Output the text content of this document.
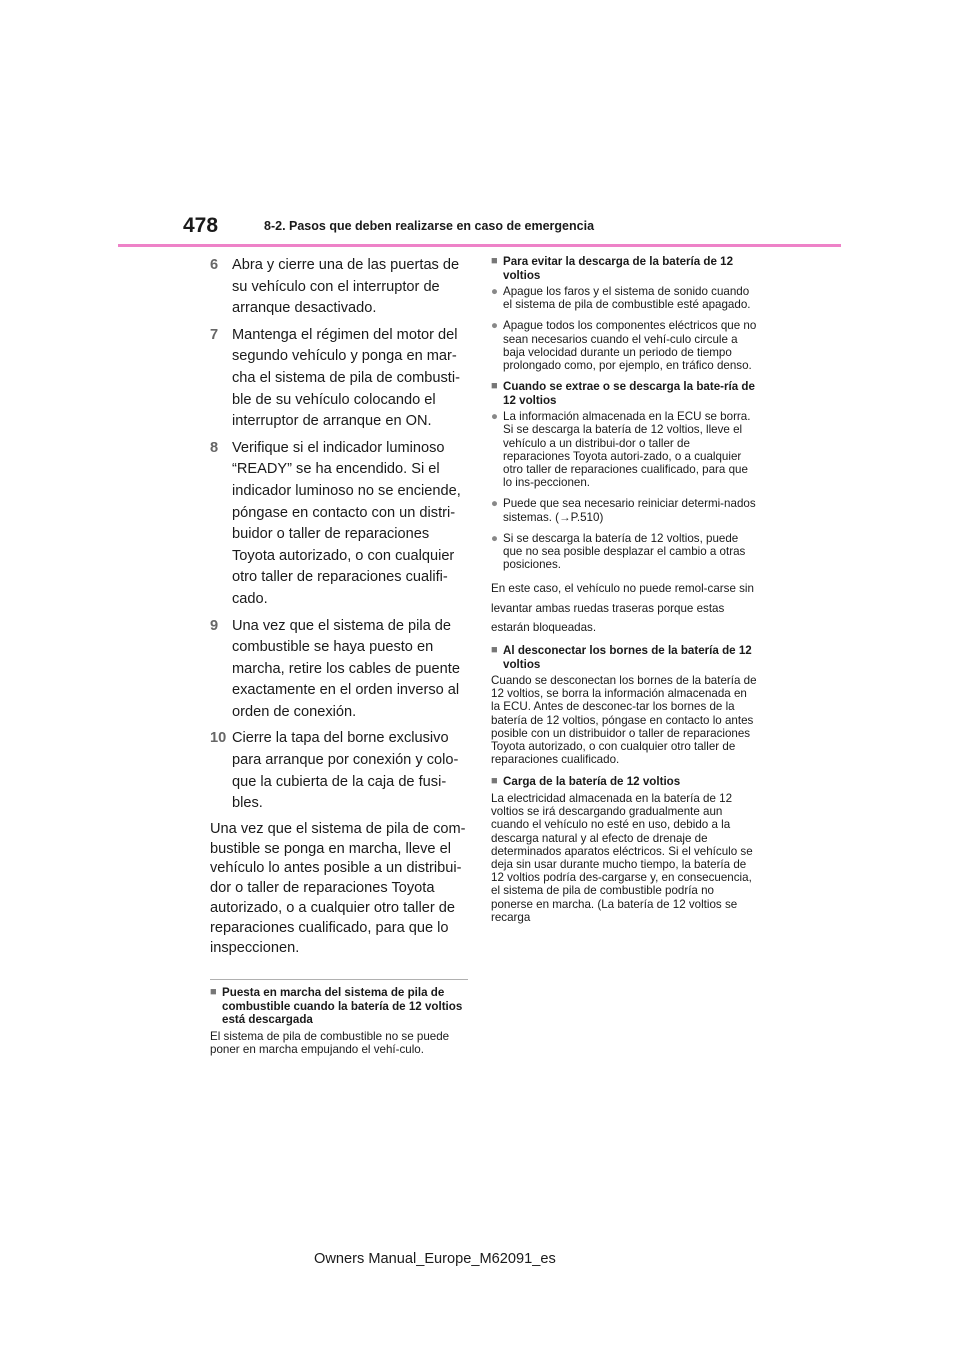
478	8-2. Pasos que deben realizarse en caso de emergencia
6 Abra y cierre una de las puertas de su vehículo con el interruptor de arranque desactivado.
7 Mantenga el régimen del motor del segundo vehículo y ponga en mar-cha el sistema de pila de combusti-ble de su vehículo colocando el interruptor de arranque en ON.
8 Verifique si el indicador luminoso “READY” se ha encendido. Si el indicador luminoso no se enciende, póngase en contacto con un distri-buidor o taller de reparaciones Toyota autorizado, o con cualquier otro taller de reparaciones cualifi-cado.
9 Una vez que el sistema de pila de combustible se haya puesto en marcha, retire los cables de puente exactamente en el orden inverso al orden de conexión.
10 Cierre la tapa del borne exclusivo para arranque por conexión y colo-que la cubierta de la caja de fusi-bles.

Una vez que el sistema de pila de com-bustible se ponga en marcha, lleve el vehículo lo antes posible a un distribui-dor o taller de reparaciones Toyota autorizado, o a cualquier otro taller de reparaciones cualificado, para que lo inspeccionen.

■ Puesta en marcha del sistema de pila de combustible cuando la batería de 12 voltios está descargada

El sistema de pila de combustible no se puede poner en marcha empujando el vehí-culo.

■ Para evitar la descarga de la batería de 12 voltios
● Apague los faros y el sistema de sonido cuando el sistema de pila de combustible esté apagado.
● Apague todos los componentes eléctricos que no sean necesarios cuando el vehí-culo circule a baja velocidad durante un periodo de tiempo prolongado como, por ejemplo, en tráfico denso.
■ Cuando se extrae o se descarga la bate-ría de 12 voltios
● La información almacenada en la ECU se borra. Si se descarga la batería de 12 voltios, lleve el vehículo a un distribui-dor o taller de reparaciones Toyota autori-zado, o a cualquier otro taller de reparaciones cualificado, para que lo ins-peccionen.
● Puede que sea necesario reiniciar determi-nados sistemas. (→P.510)
● Si se descarga la batería de 12 voltios, puede que no sea posible desplazar el cambio a otras posiciones.

En este caso, el vehículo no puede remol-carse sin levantar ambas ruedas traseras porque estas estarán bloqueadas.

■ Al desconectar los bornes de la batería de 12 voltios

Cuando se desconectan los bornes de la batería de 12 voltios, se borra la información almacenada en la ECU. Antes de desconec-tar los bornes de la batería de 12 voltios, póngase en contacto lo antes posible con un distribuidor o taller de reparaciones Toyota autorizado, o con cualquier otro taller de reparaciones cualificado.

■ Carga de la batería de 12 voltios

La electricidad almacenada en la batería de 12 voltios se irá descargando gradualmente aun cuando el vehículo no esté en uso, debido a la descarga natural y al efecto de drenaje de determinados aparatos eléctricos. Si el vehículo se deja sin usar durante mucho tiempo, la batería de 12 voltios podría des-cargarse y, en consecuencia, el sistema de pila de combustible podría no ponerse en marcha. (La batería de 12 voltios se recarga

Owners Manual_Europe_M62091_es
